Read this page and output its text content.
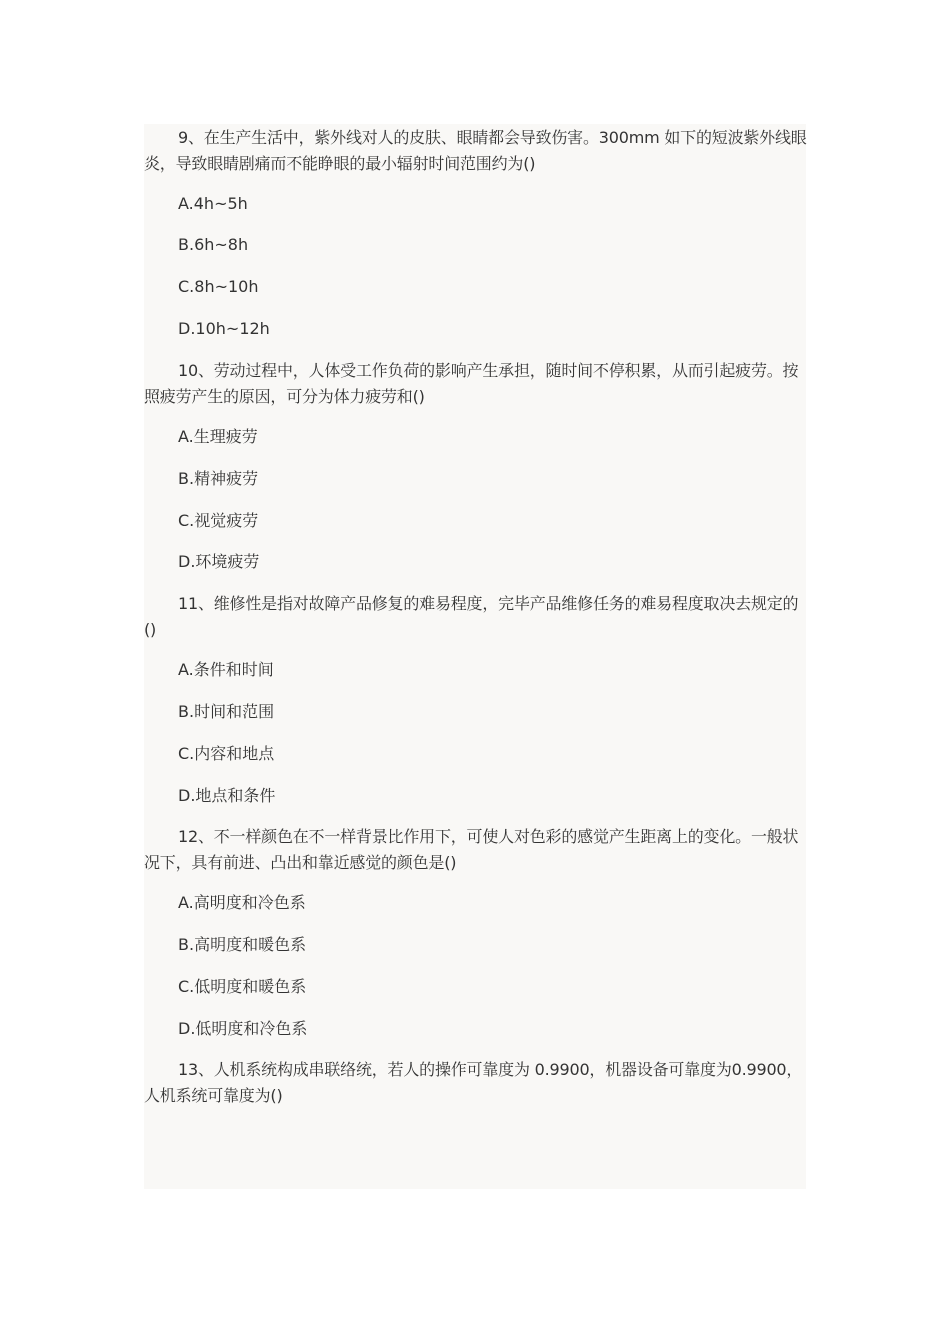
9、在生产生活中，紫外线对人的皮肤、眼睛都会导致伤害。300mm 如下的短波紫外线眼炎，导致眼睛剧痛而不能睁眼的最小辐射时间范围约为()
A.4h~5h
B.6h~8h
C.8h~10h
D.10h~12h
10、劳动过程中，人体受工作负荷的影响产生承担，随时间不停积累，从而引起疲劳。按照疲劳产生的原因，可分为体力疲劳和()
A.生理疲劳
B.精神疲劳
C.视觉疲劳
D.环境疲劳
11、维修性是指对故障产品修复的难易程度，完毕产品维修任务的难易程度取决去规定的()
A.条件和时间
B.时间和范围
C.内容和地点
D.地点和条件
12、不一样颜色在不一样背景比作用下，可使人对色彩的感觉产生距离上的变化。一般状况下，具有前进、凸出和靠近感觉的颜色是()
A.高明度和冷色系
B.高明度和暖色系
C.低明度和暖色系
D.低明度和冷色系
13、人机系统构成串联络统，若人的操作可靠度为 0.9900，机器设备可靠度为0.9900，人机系统可靠度为()
